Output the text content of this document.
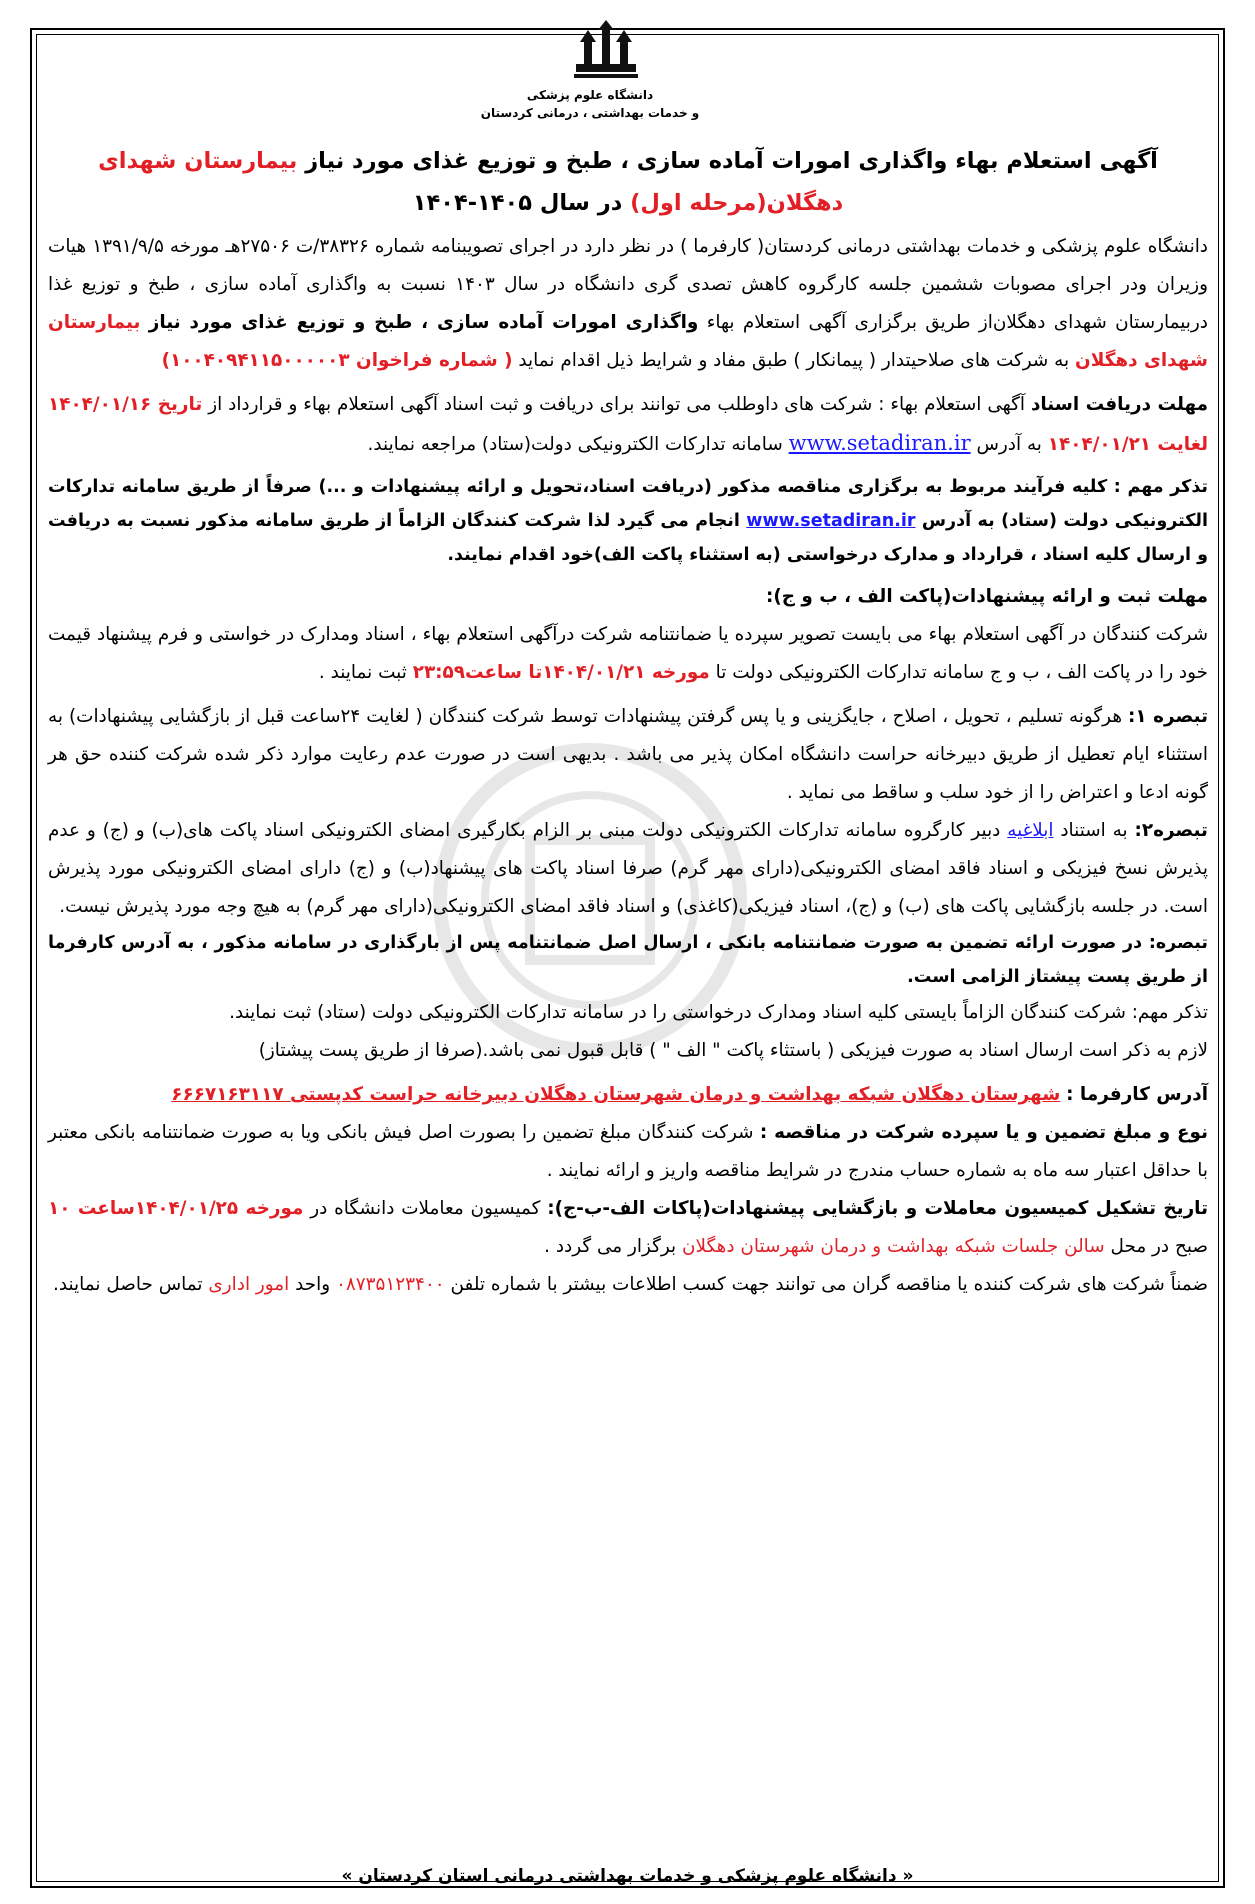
دانشگاه علوم پزشکی
و خدمات بهداشتی ، درمانی کردستان

آگهی استعلام بهاء واگذاری امورات آماده سازی ، طبخ و توزیع غذای مورد نیاز بیمارستان شهدای دهگلان(مرحله اول) در سال ۱۴۰۵-۱۴۰۴

دانشگاه علوم پزشکی و خدمات بهداشتی درمانی کردستان( کارفرما ) در نظر دارد در اجرای تصویبنامه شماره ۳۸۳۲۶/ت ۲۷۵۰۶هـ مورخه ۱۳۹۱/۹/۵ هیات وزیران ودر اجرای مصوبات ششمین جلسه کارگروه کاهش تصدی گری دانشگاه در سال ۱۴۰۳ نسبت به واگذاری آماده سازی ، طبخ و توزیع غذا دربیمارستان شهدای دهگلان‌از طریق برگزاری آگهی استعلام بهاء واگذاری امورات آماده سازی ، طبخ و توزیع غذای مورد نیاز بیمارستان شهدای دهگلان به شرکت های صلاحیتدار ( پیمانکار ) طبق مفاد و شرایط ذیل اقدام نماید ( شماره فراخوان ۱۰۰۴۰۹۴۱۱۵۰۰۰۰۰۳)

مهلت دریافت اسناد آگهی استعلام بهاء : شرکت های داوطلب می توانند برای دریافت و ثبت اسناد آگهی استعلام بهاء و قرارداد از تاریخ ۱۴۰۴/۰۱/۱۶ لغایت ۱۴۰۴/۰۱/۲۱ به آدرس www.setadiran.ir سامانه تدارکات الکترونیکی دولت(ستاد) مراجعه نمایند.

تذکر مهم : کلیه فرآیند مربوط به برگزاری مناقصه مذکور (دریافت اسناد،تحویل و ارائه پیشنهادات و ...) صرفاً از طریق سامانه تدارکات الکترونیکی دولت (ستاد) به آدرس www.setadiran.ir انجام می گیرد لذا شرکت کنندگان الزاماً از طریق سامانه مذکور نسبت به دریافت و ارسال کلیه اسناد ، قرارداد و مدارک درخواستی (به استثناء پاکت الف)خود اقدام نمایند.

مهلت ثبت و ارائه پیشنهادات(پاکت الف ، ب و ج):

شرکت کنندگان در آگهی استعلام بهاء می بایست تصویر سپرده یا ضمانتنامه شرکت درآگهی استعلام بهاء ، اسناد ومدارک در خواستی و فرم پیشنهاد قیمت خود را در پاکت الف ، ب و ج سامانه تدارکات الکترونیکی دولت تا مورخه ۱۴۰۴/۰۱/۲۱تا ساعت۲۳:۵۹ ثبت نمایند .

تبصره ۱: هرگونه تسلیم ، تحویل ، اصلاح ، جایگزینی و یا پس گرفتن پیشنهادات توسط شرکت کنندگان ( لغایت ۲۴ساعت قبل از بازگشایی پیشنهادات) به استثناء ایام تعطیل از طریق دبیرخانه حراست دانشگاه امکان پذیر می باشد . بدیهی است در صورت عدم رعایت موارد ذکر شده شرکت کننده حق هر گونه ادعا و اعتراض را از خود سلب و ساقط می نماید .

تبصره۲: به استناد ابلاغیه دبیر کارگروه سامانه تدارکات الکترونیکی دولت مبنی بر الزام بکارگیری امضای الکترونیکی اسناد پاکت های(ب) و (ج) و عدم پذیرش نسخ فیزیکی و اسناد فاقد امضای الکترونیکی(دارای مهر گرم) صرفا اسناد پاکت های پیشنهاد(ب) و (ج) دارای امضای الکترونیکی مورد پذیرش است. در جلسه بازگشایی پاکت های (ب) و (ج)، اسناد فیزیکی(کاغذی) و اسناد فاقد امضای الکترونیکی(دارای مهر گرم) به هیچ وجه مورد پذیرش نیست.

تبصره: در صورت ارائه تضمین به صورت ضمانتنامه بانکی ، ارسال اصل ضمانتنامه پس از بارگذاری در سامانه مذکور ، به آدرس کارفرما از طریق پست پیشتاز الزامی است.

تذکر مهم: شرکت کنندگان الزاماً بایستی کلیه اسناد ومدارک درخواستی را در سامانه تدارکات الکترونیکی دولت (ستاد) ثبت نمایند.

لازم به ذکر است ارسال اسناد به صورت فیزیکی ( باستثاء پاکت " الف " ) قابل قبول نمی باشد.(صرفا از طریق پست پیشتاز)

آدرس کارفرما : شهرستان دهگلان شبکه بهداشت و درمان شهرستان دهگلان دبیرخانه حراست کدپستی ۶۶۶۷۱۶۳۱۱۷

نوع و مبلغ تضمین و یا سپرده شرکت در مناقصه : شرکت کنندگان مبلغ تضمین را بصورت اصل فیش بانکی ویا به صورت ضمانتنامه بانکی معتبر با حداقل اعتبار سه ماه به شماره حساب مندرج در شرایط مناقصه واریز و ارائه نمایند .

تاریخ تشکیل کمیسیون معاملات و بازگشایی پیشنهادات(پاکات الف-ب-ج): کمیسیون معاملات دانشگاه در مورخه ۱۴۰۴/۰۱/۲۵ساعت ۱۰ صبح در محل سالن جلسات شبکه بهداشت و درمان شهرستان دهگلان برگزار می گردد .

ضمناً شرکت های شرکت کننده یا مناقصه گران می توانند جهت کسب اطلاعات بیشتر با شماره تلفن ۰۸۷۳۵۱۲۳۴۰۰ واحد امور اداری تماس حاصل نمایند.

« دانشگاه علوم پزشکی و خدمات بهداشتی درمانی استان کردستان »
